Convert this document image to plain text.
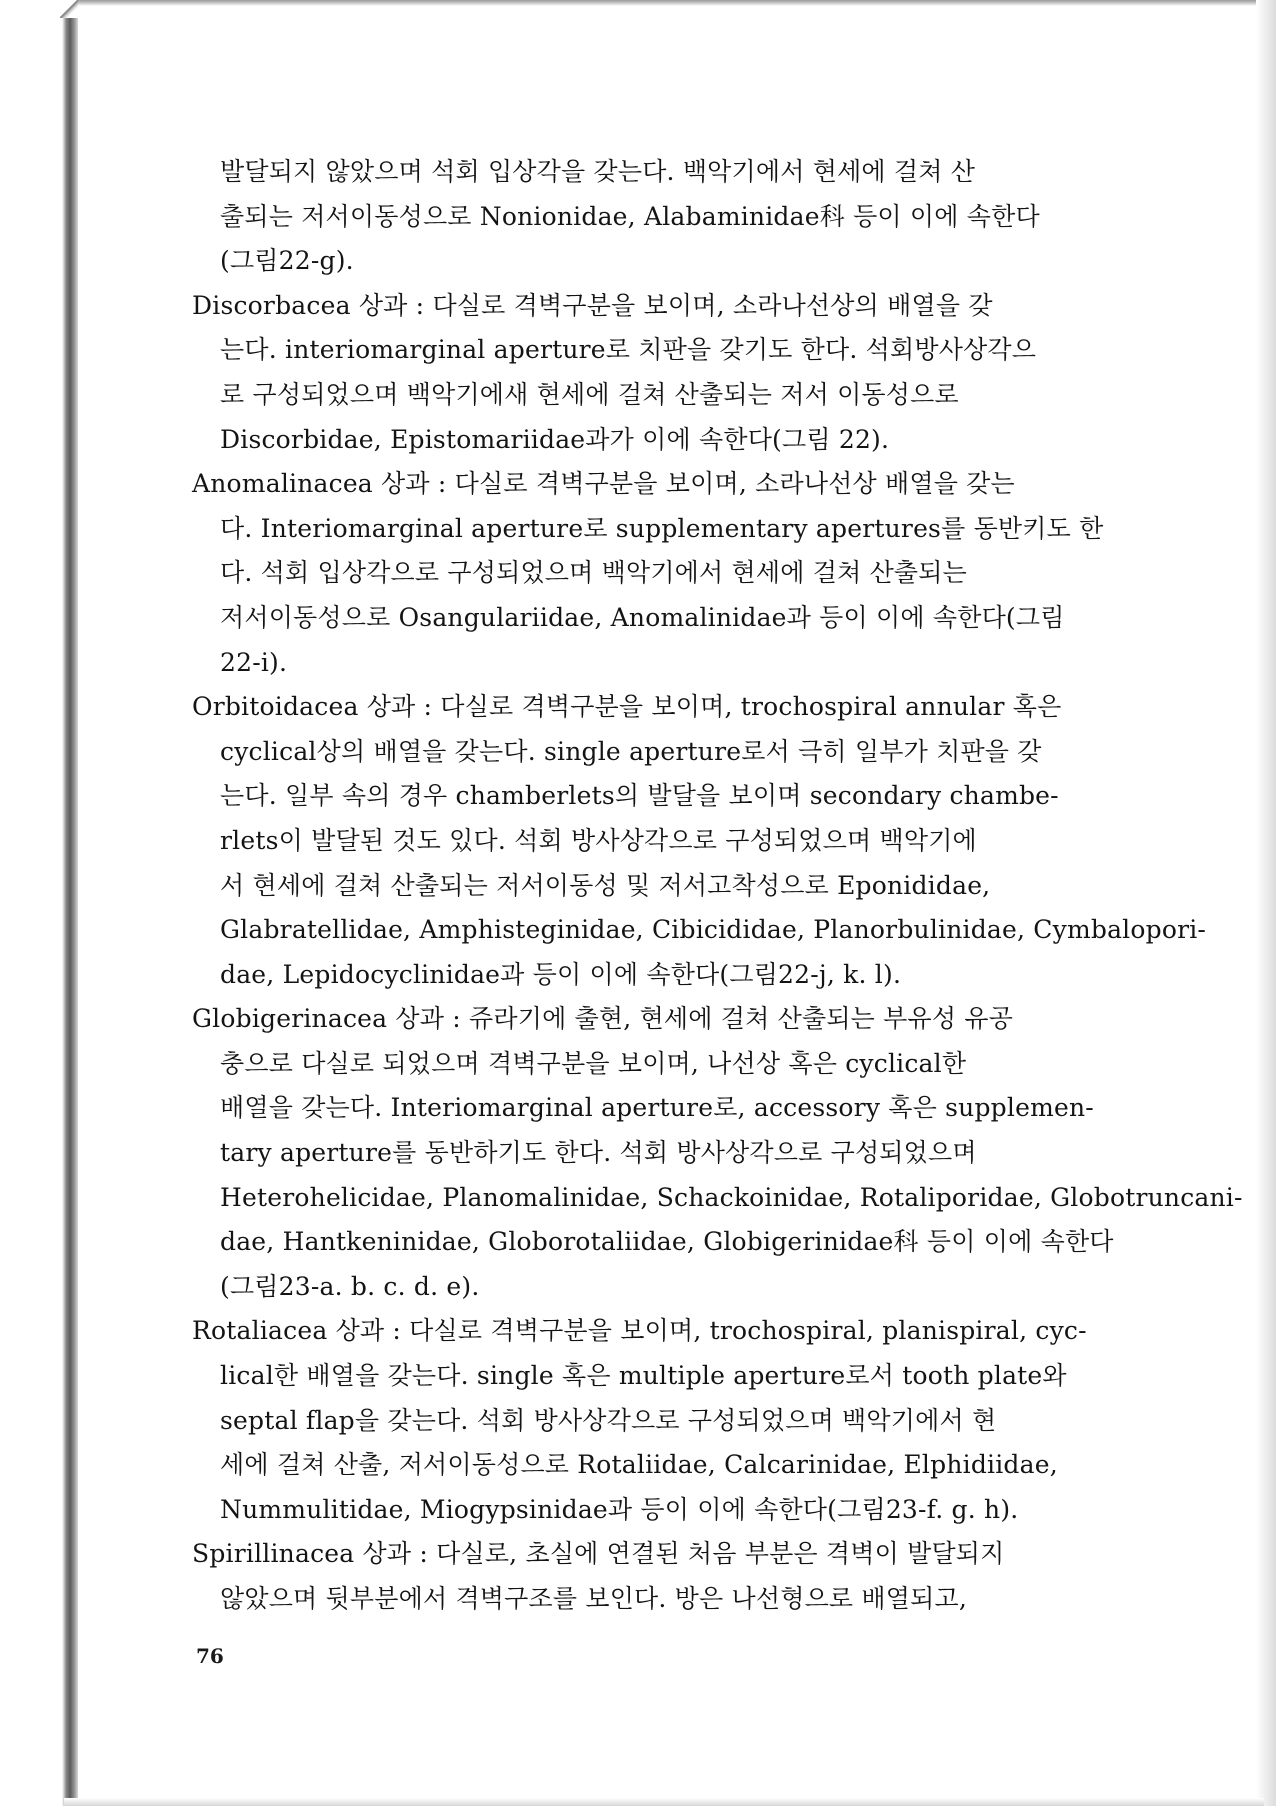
발달되지 않았으며 석회 입상각을 갖는다. 백악기에서 현세에 걸쳐 산
출되는 저서이동성으로 Nonionidae, Alabaminidae科 등이 이에 속한다
(그림22-g).
Discorbacea 상과 : 다실로 격벽구분을 보이며, 소라나선상의 배열을 갖
는다. interiomarginal aperture로 치판을 갖기도 한다. 석회방사상각으
로 구성되었으며 백악기에새 현세에 걸쳐 산출되는 저서 이동성으로
Discorbidae, Epistomariidae과가 이에 속한다(그림 22).
Anomalinacea 상과 : 다실로 격벽구분을 보이며, 소라나선상 배열을 갖는
다. Interiomarginal aperture로 supplementary apertures를 동반키도 한
다. 석회 입상각으로 구성되었으며 백악기에서 현세에 걸쳐 산출되는
저서이동성으로 Osangulariidae, Anomalinidae과 등이 이에 속한다(그림
22-i).
Orbitoidacea 상과 : 다실로 격벽구분을 보이며, trochospiral annular 혹은
cyclical상의 배열을 갖는다. single aperture로서 극히 일부가 치판을 갖
는다. 일부 속의 경우 chamberlets의 발달을 보이며 secondary chambe-
rlets이 발달된 것도 있다. 석회 방사상각으로 구성되었으며 백악기에
서 현세에 걸쳐 산출되는 저서이동성 및 저서고착성으로 Eponididae,
Glabratellidae, Amphisteginidae, Cibicididae, Planorbulinidae, Cymbalopori-
dae, Lepidocyclinidae과 등이 이에 속한다(그림22-j, k. l).
Globigerinacea 상과 : 쥬라기에 출현, 현세에 걸쳐 산출되는 부유성 유공
충으로 다실로 되었으며 격벽구분을 보이며, 나선상 혹은 cyclical한
배열을 갖는다. Interiomarginal aperture로, accessory 혹은 supplemen-
tary aperture를 동반하기도 한다. 석회 방사상각으로 구성되었으며
Heterohelicidae, Planomalinidae, Schackoinidae, Rotaliporidae, Globotruncani-
dae, Hantkeninidae, Globorotaliidae, Globigerinidae科 등이 이에 속한다
(그림23-a. b. c. d. e).
Rotaliacea 상과 : 다실로 격벽구분을 보이며, trochospiral, planispiral, cyc-
lical한 배열을 갖는다. single 혹은 multiple aperture로서 tooth plate와
septal flap을 갖는다. 석회 방사상각으로 구성되었으며 백악기에서 현
세에 걸쳐 산출, 저서이동성으로 Rotaliidae, Calcarinidae, Elphidiidae,
Nummulitidae, Miogypsinidae과 등이 이에 속한다(그림23-f. g. h).
Spirillinacea 상과 : 다실로, 초실에 연결된 처음 부분은 격벽이 발달되지
않았으며 뒷부분에서 격벽구조를 보인다. 방은 나선형으로 배열되고,
76
